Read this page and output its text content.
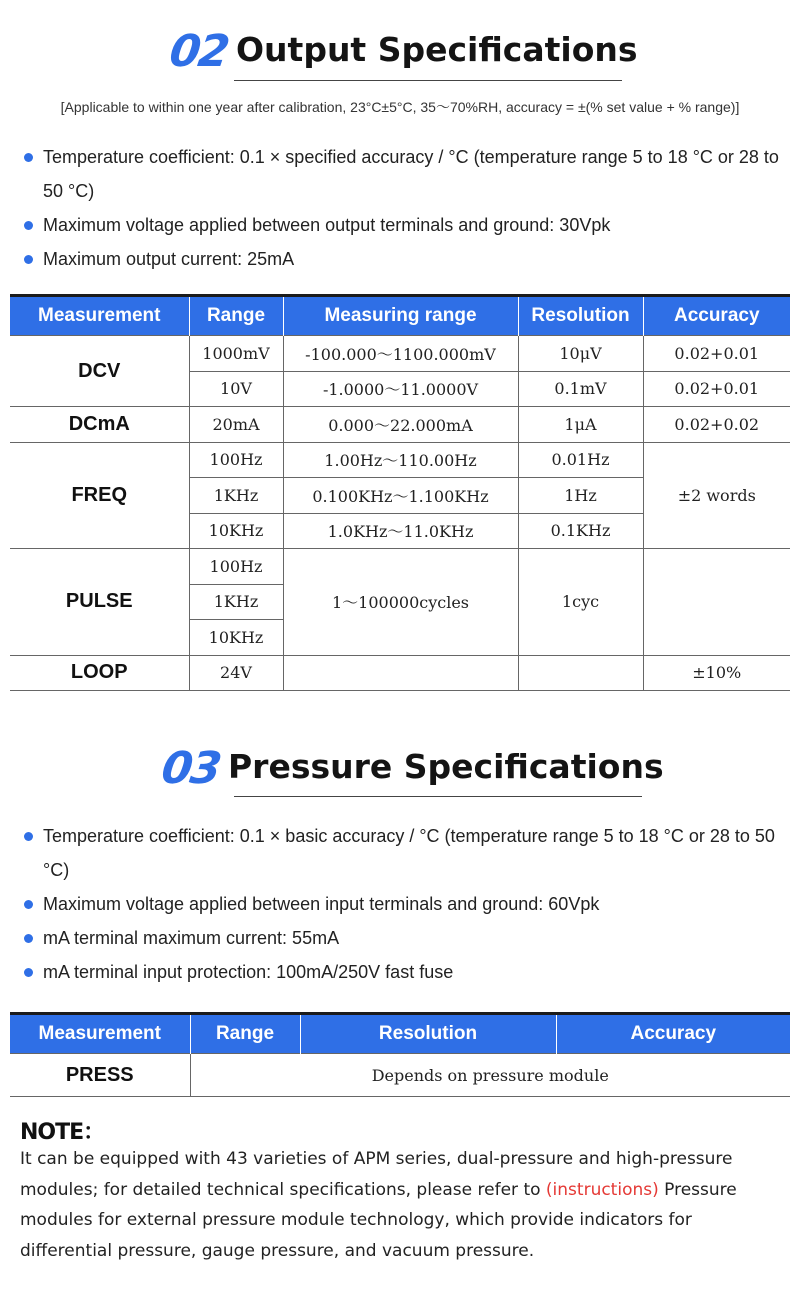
02 Output Specifications
[Applicable to within one year after calibration, 23°C±5°C, 35〜70%RH, accuracy = ±(% set value + % range)]
Temperature coefficient: 0.1 × specified accuracy / °C (temperature range 5 to 18 °C or 28 to 50 °C)
Maximum voltage applied between output terminals and ground: 30Vpk
Maximum output current: 25mA
Measurement	Range	Measuring range	Resolution	Accuracy
DCV	1000mV	-100.000〜1100.000mV	10μV	0.02+0.01
	10V	-1.0000〜11.0000V	0.1mV	0.02+0.01
DCmA	20mA	0.000〜22.000mA	1μA	0.02+0.02
FREQ	100Hz	1.00Hz〜110.00Hz	0.01Hz	±2 words
	1KHz	0.100KHz〜1.100KHz	1Hz	
	10KHz	1.0KHz〜11.0KHz	0.1KHz	
PULSE	100Hz	1〜100000cycles	1cyc	
	1KHz			
	10KHz			
LOOP	24V			±10%
03 Pressure Specifications
Temperature coefficient: 0.1 × basic accuracy / °C (temperature range 5 to 18 °C or 28 to 50 °C)
Maximum voltage applied between input terminals and ground: 60Vpk
mA terminal maximum current: 55mA
mA terminal input protection: 100mA/250V fast fuse
Measurement	Range	Resolution	Accuracy
PRESS	Depends on pressure module		
NOTE：
It can be equipped with 43 varieties of APM series, dual-pressure and high-pressure modules; for detailed technical specifications, please refer to (instructions) Pressure modules for external pressure module technology, which provide indicators for differential pressure, gauge pressure, and vacuum pressure.
